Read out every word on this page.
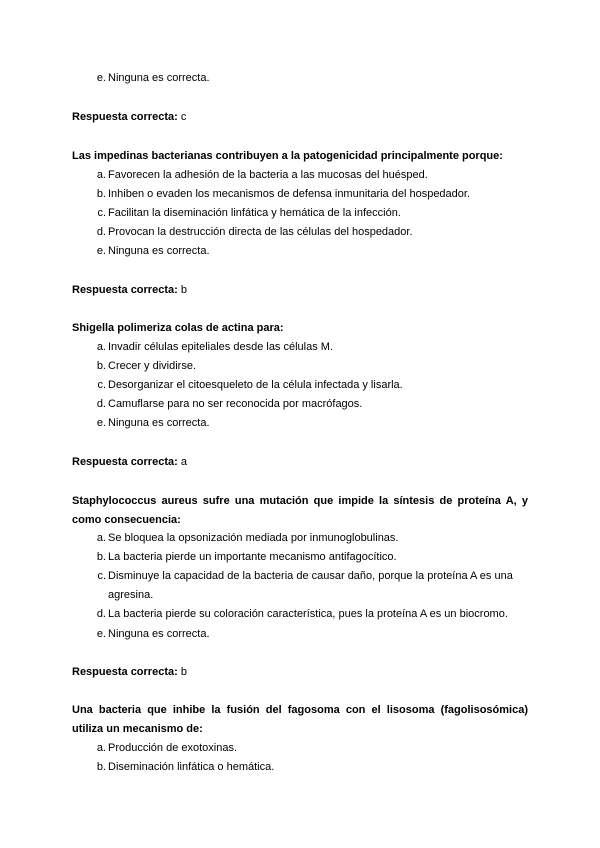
e. Ninguna es correcta.
Respuesta correcta: c
Las impedinas bacterianas contribuyen a la patogenicidad principalmente porque:
a. Favorecen la adhesión de la bacteria a las mucosas del huésped.
b. Inhiben o evaden los mecanismos de defensa inmunitaria del hospedador.
c. Facilitan la diseminación linfática y hemática de la infección.
d. Provocan la destrucción directa de las células del hospedador.
e. Ninguna es correcta.
Respuesta correcta: b
Shigella polimeriza colas de actina para:
a. Invadir células epiteliales desde las células M.
b. Crecer y dividirse.
c. Desorganizar el citoesqueleto de la célula infectada y lisarla.
d. Camuflarse para no ser reconocida por macrófagos.
e. Ninguna es correcta.
Respuesta correcta: a
Staphylococcus aureus sufre una mutación que impide la síntesis de proteína A, y
como consecuencia:
a. Se bloquea la opsonización mediada por inmunoglobulinas.
b. La bacteria pierde un importante mecanismo antifagocítico.
c. Disminuye la capacidad de la bacteria de causar daño, porque la proteína A es una
agresina.
d. La bacteria pierde su coloración característica, pues la proteína A es un biocromo.
e. Ninguna es correcta.
Respuesta correcta: b
Una bacteria que inhibe la fusión del fagosoma con el lisosoma (fagolisosómica)
utiliza un mecanismo de:
a. Producción de exotoxinas.
b. Diseminación linfática o hemática.
